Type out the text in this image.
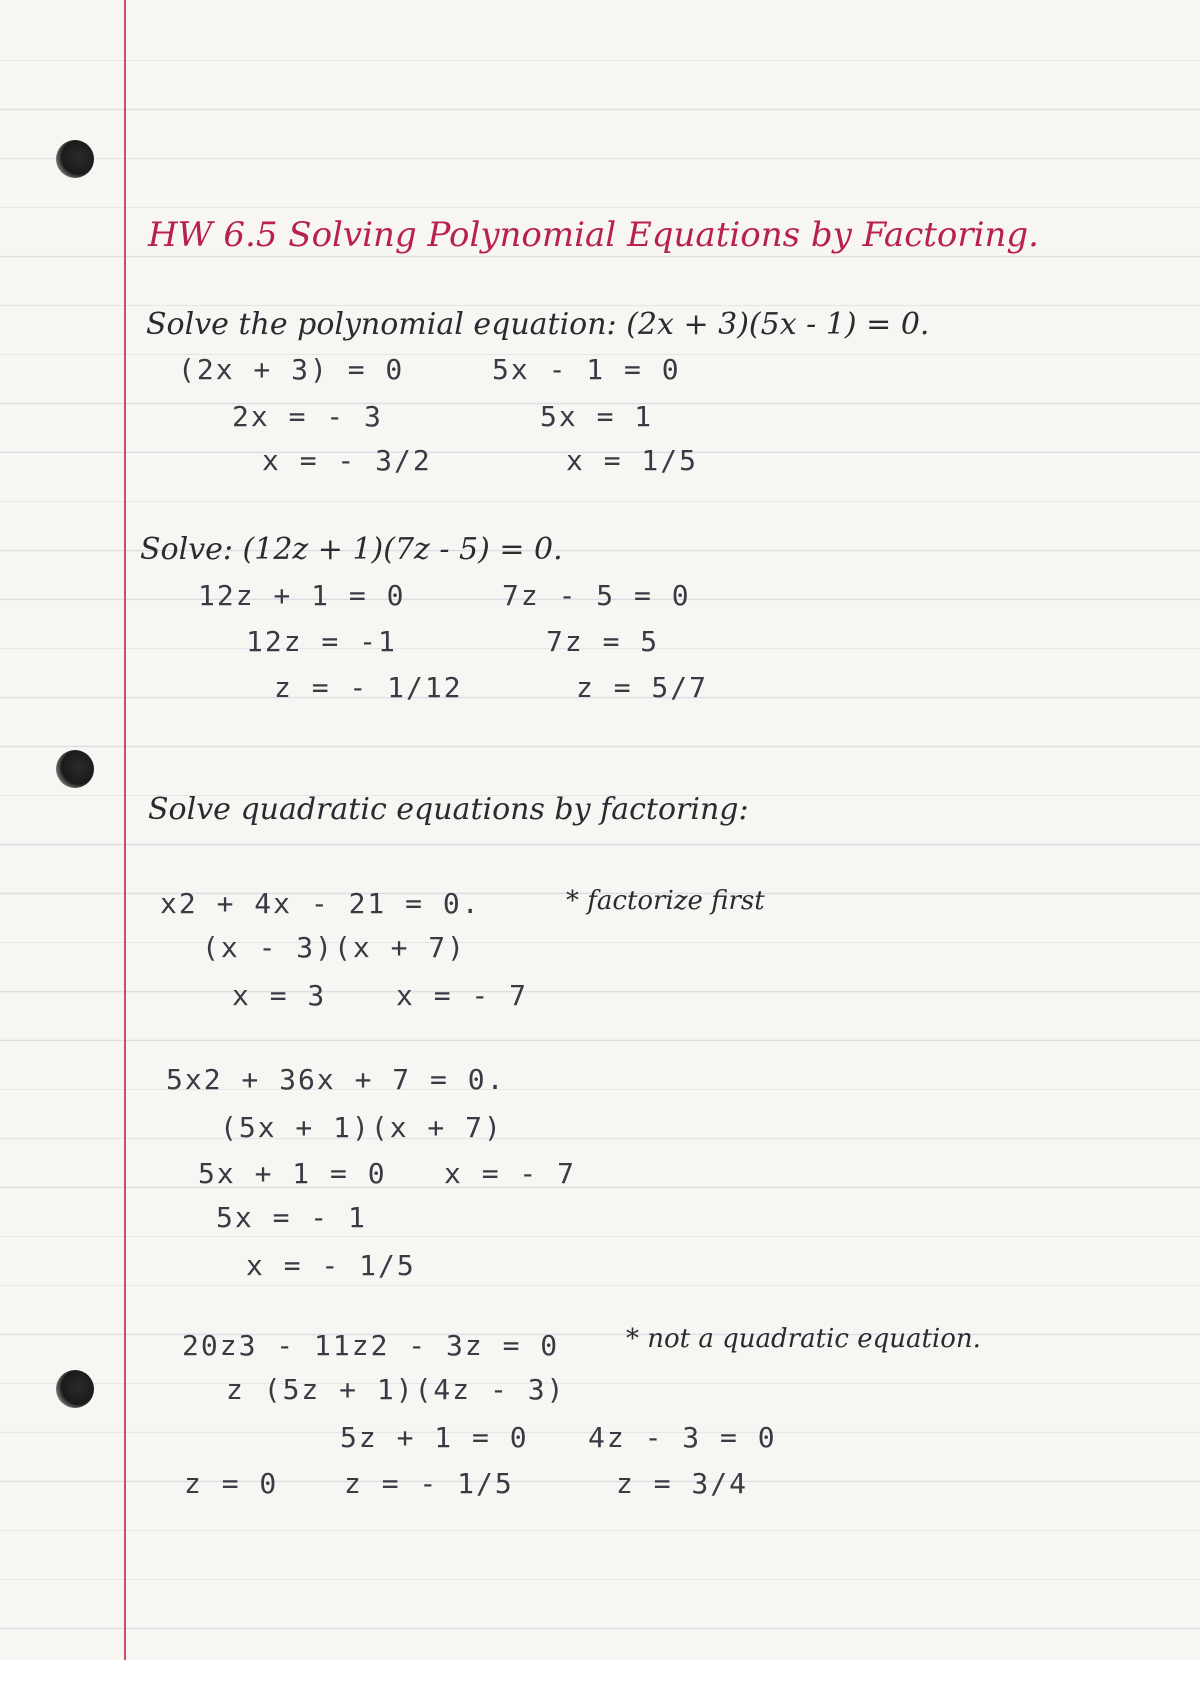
HW 6.5 Solving Polynomial Equations by Factoring.
Solve the polynomial equation: (2x + 3)(5x - 1) = 0.
(2x + 3) = 0
2x = - 3
x = - 3/2
5x - 1 = 0
5x = 1
x = 1/5
Solve: (12z + 1)(7z - 5) = 0.
12z + 1 = 0
12z = -1
z = - 1/12
7z - 5 = 0
7z = 5
z = 5/7
Solve quadratic equations by factoring:
x2 + 4x - 21 = 0.	* factorize first
(x - 3)(x + 7)
x = 3 x = - 7
5x2 + 36x + 7 = 0.
(5x + 1)(x + 7)
5x + 1 = 0 x = - 7
5x = - 1
x = - 1/5
20z3 - 11z2 - 3z = 0	* not a quadratic equation.
z (5z + 1)(4z - 3)
5z + 1 = 0 4z - 3 = 0
z = 0 z = - 1/5	z = 3/4
